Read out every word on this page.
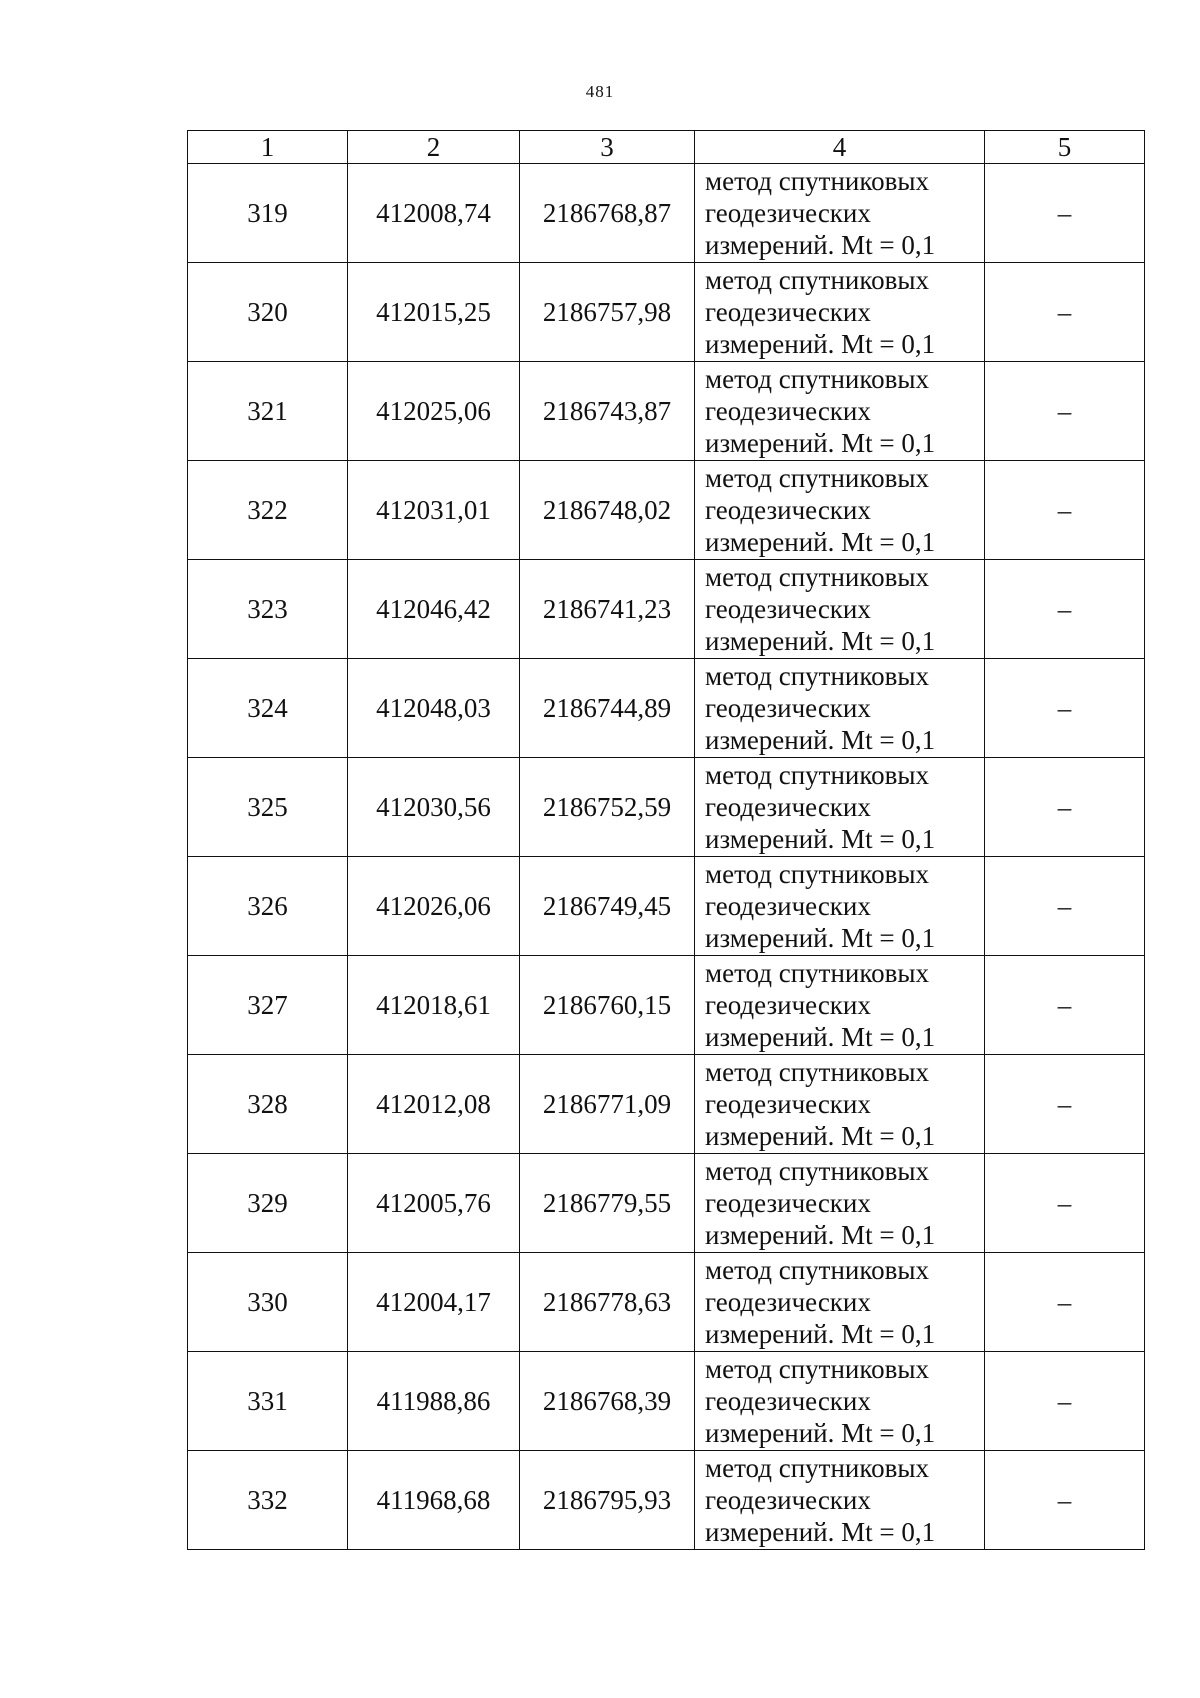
481
1	2	3	4	5
319	412008,74	2186768,87	метод спутниковых
геодезических
измерений. Mt = 0,1	–
320	412015,25	2186757,98	метод спутниковых
геодезических
измерений. Mt = 0,1	–
321	412025,06	2186743,87	метод спутниковых
геодезических
измерений. Mt = 0,1	–
322	412031,01	2186748,02	метод спутниковых
геодезических
измерений. Mt = 0,1	–
323	412046,42	2186741,23	метод спутниковых
геодезических
измерений. Mt = 0,1	–
324	412048,03	2186744,89	метод спутниковых
геодезических
измерений. Mt = 0,1	–
325	412030,56	2186752,59	метод спутниковых
геодезических
измерений. Mt = 0,1	–
326	412026,06	2186749,45	метод спутниковых
геодезических
измерений. Mt = 0,1	–
327	412018,61	2186760,15	метод спутниковых
геодезических
измерений. Mt = 0,1	–
328	412012,08	2186771,09	метод спутниковых
геодезических
измерений. Mt = 0,1	–
329	412005,76	2186779,55	метод спутниковых
геодезических
измерений. Mt = 0,1	–
330	412004,17	2186778,63	метод спутниковых
геодезических
измерений. Mt = 0,1	–
331	411988,86	2186768,39	метод спутниковых
геодезических
измерений. Mt = 0,1	–
332	411968,68	2186795,93	метод спутниковых
геодезических
измерений. Mt = 0,1	–
